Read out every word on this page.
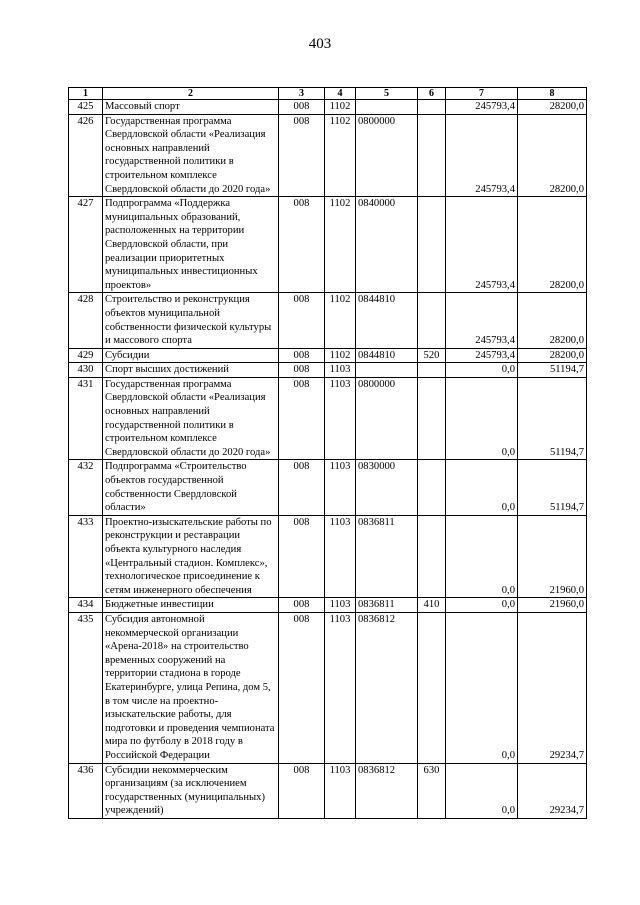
403
1	2	3	4	5	6	7	8
425	Массовый спорт	008	1102			245793,4	28200,0
426	Государственная программа Свердловской области «Реализация основных направлений государственной политики в строительном комплексе Свердловской области до 2020 года»	008	1102	0800000		245793,4	28200,0
427	Подпрограмма «Поддержка муниципальных образований, расположенных на территории Свердловской области, при реализации приоритетных муниципальных инвестиционных проектов»	008	1102	0840000		245793,4	28200,0
428	Строительство и реконструкция объектов муниципальной собственности физической культуры и массового спорта	008	1102	0844810		245793,4	28200,0
429	Субсидии	008	1102	0844810	520	245793,4	28200,0
430	Спорт высших достижений	008	1103			0,0	51194,7
431	Государственная программа Свердловской области «Реализация основных направлений государственной политики в строительном комплексе Свердловской области до 2020 года»	008	1103	0800000		0,0	51194,7
432	Подпрограмма «Строительство объектов государственной собственности Свердловской области»	008	1103	0830000		0,0	51194,7
433	Проектно-изыскательские работы по реконструкции и реставрации объекта культурного наследия «Центральный стадион. Комплекс», технологическое присоединение к сетям инженерного обеспечения	008	1103	0836811		0,0	21960,0
434	Бюджетные инвестиции	008	1103	0836811	410	0,0	21960,0
435	Субсидия автономной некоммерческой организации «Арена-2018» на строительство временных сооружений на территории стадиона в городе Екатеринбурге, улица Репина, дом 5, в том числе на проектно-изыскательские работы, для подготовки и проведения чемпионата мира по футболу в 2018 году в Российской Федерации	008	1103	0836812		0,0	29234,7
436	Субсидии некоммерческим организациям (за исключением государственных (муниципальных) учреждений)	008	1103	0836812	630	0,0	29234,7
